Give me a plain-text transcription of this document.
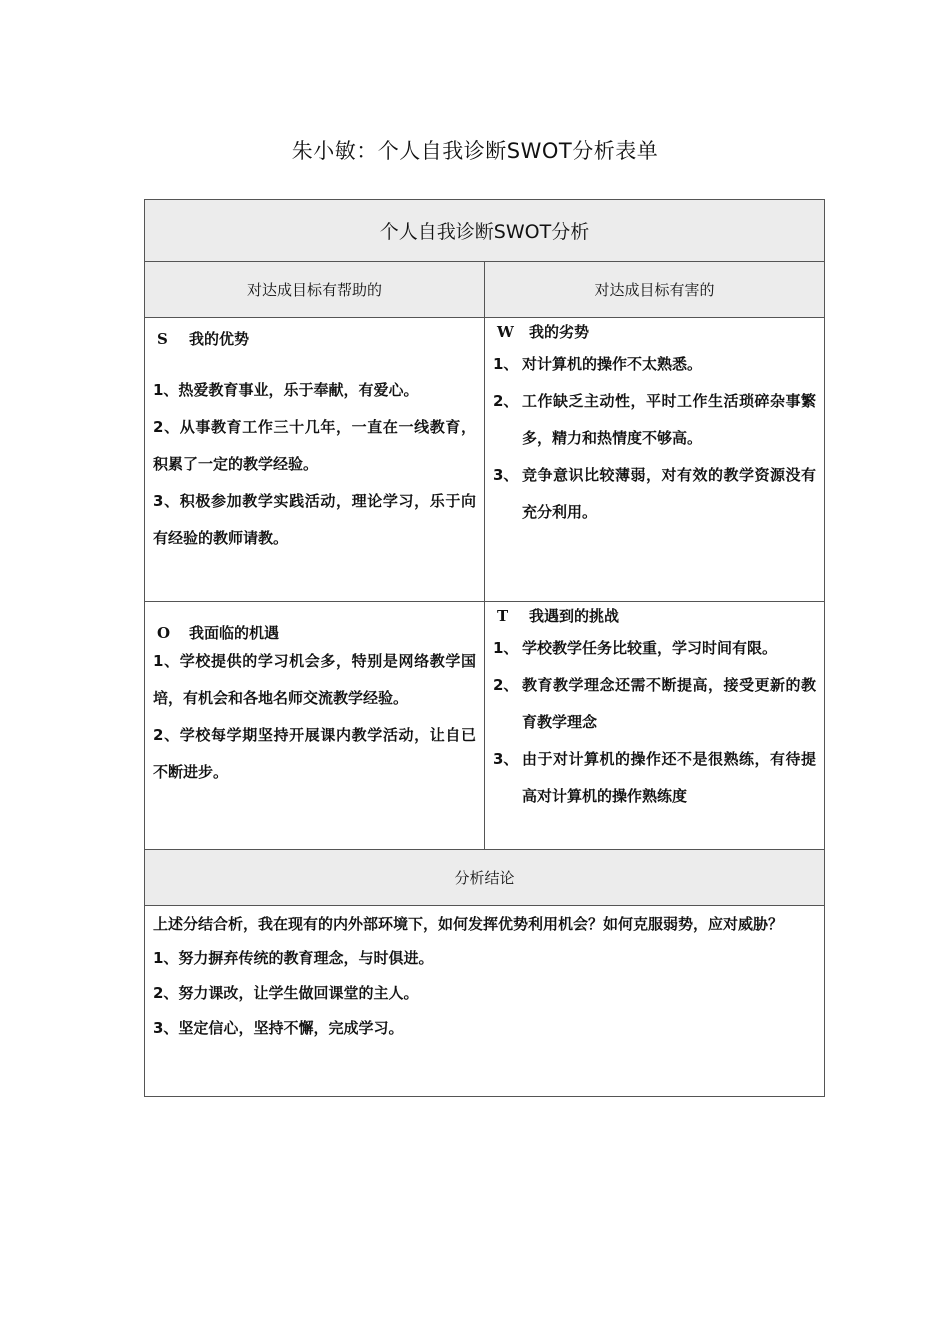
朱小敏：个人自我诊断SWOT分析表单
个人自我诊断SWOT分析
对达成目标有帮助的	对达成目标有害的
S 我的优势

1、热爱教育事业，乐于奉献，有爱心。

2、从事教育工作三十几年，一直在一线教育，积累了一定的教学经验。

3、积极参加教学实践活动，理论学习，乐于向有经验的教师请教。

W 我的劣势
1、 对计算机的操作不太熟悉。
2、 工作缺乏主动性，平时工作生活琐碎杂事繁多，精力和热情度不够高。
3、 竞争意识比较薄弱，对有效的教学资源没有充分利用。
O 我面临的机遇

1、学校提供的学习机会多，特别是网络教学国培，有机会和各地名师交流教学经验。

2、学校每学期坚持开展课内教学活动，让自已不断进步。

T 我遇到的挑战
1、 学校教学任务比较重，学习时间有限。
2、 教育教学理念还需不断提高，接受更新的教育教学理念
3、 由于对计算机的操作还不是很熟练，有待提高对计算机的操作熟练度
分析结论

上述分结合析，我在现有的内外部环境下，如何发挥优势利用机会？如何克服弱势，应对威胁？

1、努力摒弃传统的教育理念，与时俱进。

2、努力课改，让学生做回课堂的主人。

3、坚定信心，坚持不懈，完成学习。
